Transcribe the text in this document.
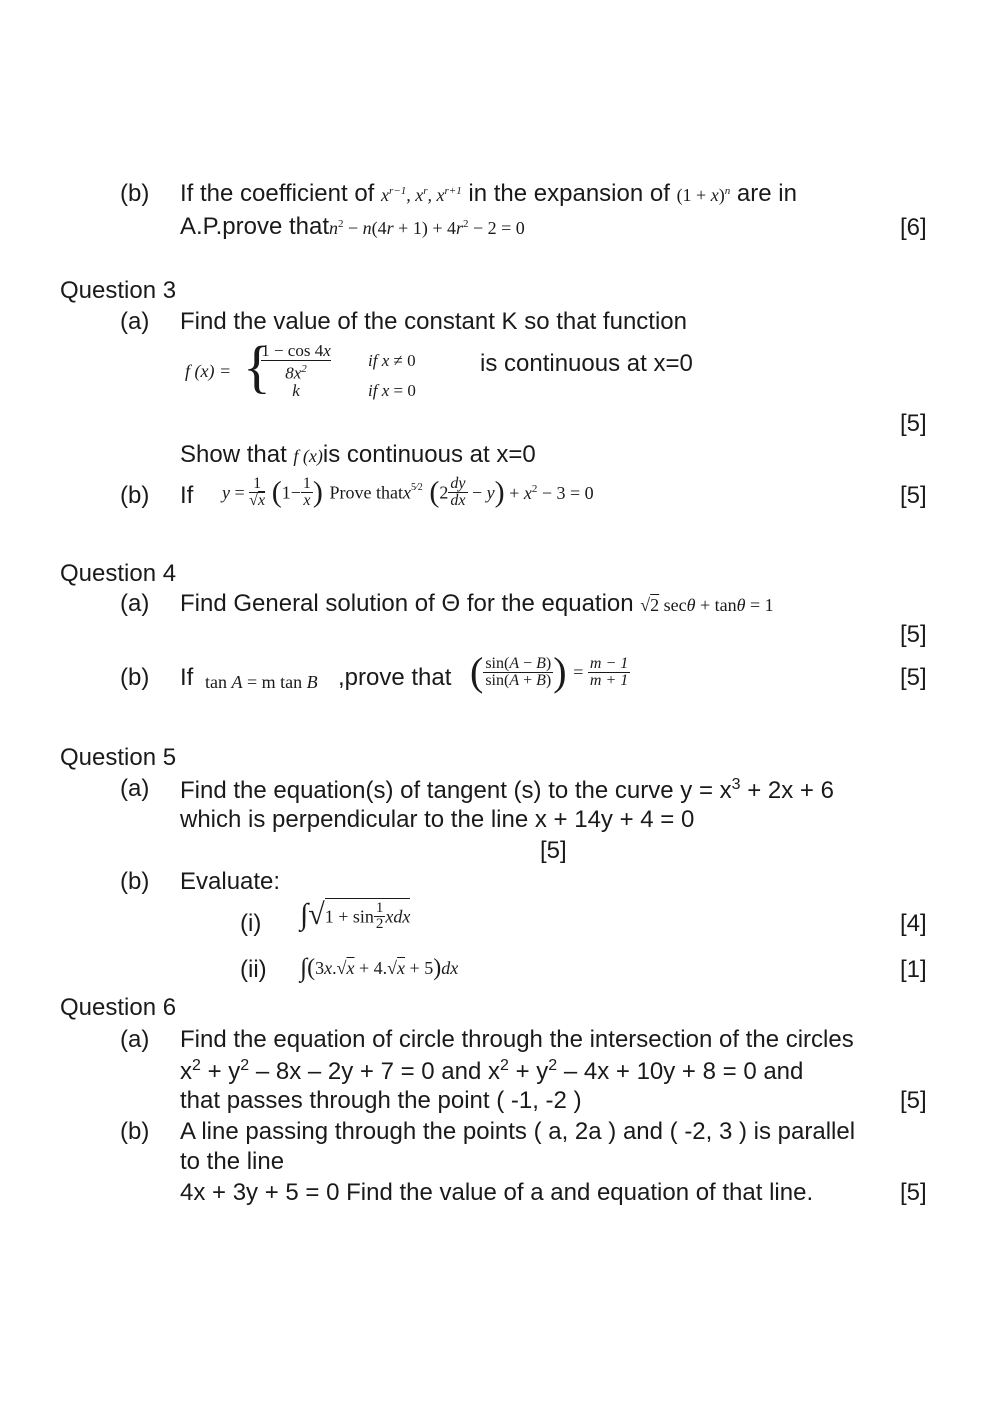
(b) If the coefficient of $x^{r-1}$, $x^r$, $x^{r+1}$ in the expansion of $(1 + x)^n$ are in
A.P.prove thatn$^2$ − $n(4r + 1) + 4r^2 - 2 = 0$	[6]
Question 3
(a) Find the value of the constant K so that function
f (x) = {
1 − cos 4x
$8x^2$
k
if x ≠ 0
if x = 0
is continuous at x=0
[5]
Show that f (x)is continuous at x=0
(b) If $y = \frac{1}{√x} (1- \frac{1}{x}$ ) Prove thatx$^{5⁄2}$ $(2 \frac{dy}{dx} - y) + x^2 - 3 = 0$	[5]
Question 4
(a) Find General solution of Θ for the equation √2 secθ + tanθ = 1
[5]
(b) If tan A = m tan B ,prove that ( $\frac{\sin(A - B)}{\sin(A + B)}$ ) = $\frac{m - 1}{m + 1}$	[5]
Question 5
(a) Find the equation(s) of tangent (s) to the curve $y = x^3 + 2x + 6$
which is perpendicular to the line x + 14y + 4 = 0
[5]
(b) Evaluate:
(i) $\int√1 + \sin \frac{1}{2}$ xdx	[4]
(ii) ∫(3x.√x + 4.√x + 5)dx	[1]
Question 6
(a) Find the equation of circle through the intersection of the circles
$x^2 + y^2 - 8x - 2y + 7 = 0$ and $x^2 + y^2 - 4x + 10y + 8 = 0$ and
that passes through the point ( -1, -2 )	[5]
(b) A line passing through the points ( a, 2a ) and ( -2, 3 ) is parallel
to the line
4x + 3y + 5 = 0 Find the value of a and equation of that line.	[5]
